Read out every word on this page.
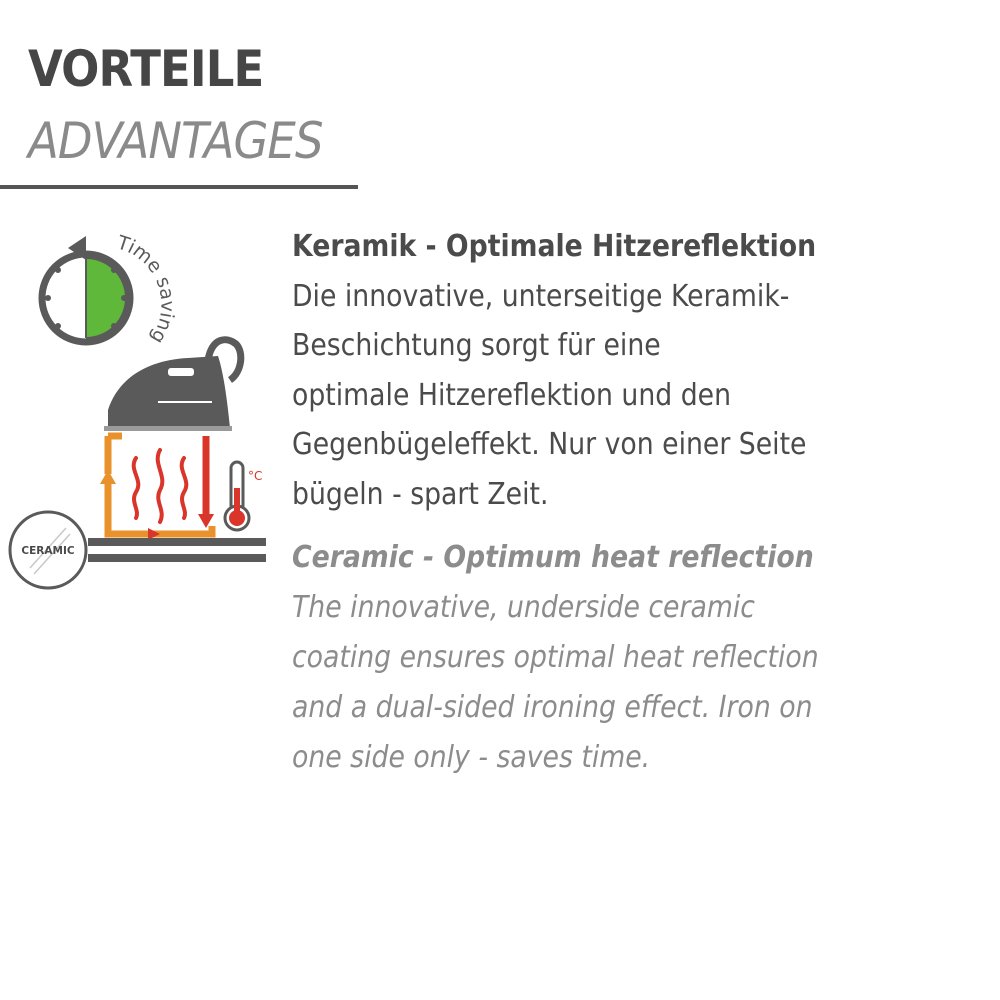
VORTEILE
ADVANTAGES
Time saving
°C
CERAMIC
Keramik - Optimale Hitzereflektion
Die innovative, unterseitige Keramik-
Beschichtung sorgt für eine
optimale Hitzereflektion und den
Gegenbügeleffekt. Nur von einer Seite
bügeln - spart Zeit.
Ceramic - Optimum heat reflection
The innovative, underside ceramic
coating ensures optimal heat reflection
and a dual-sided ironing effect. Iron on
one side only - saves time.
